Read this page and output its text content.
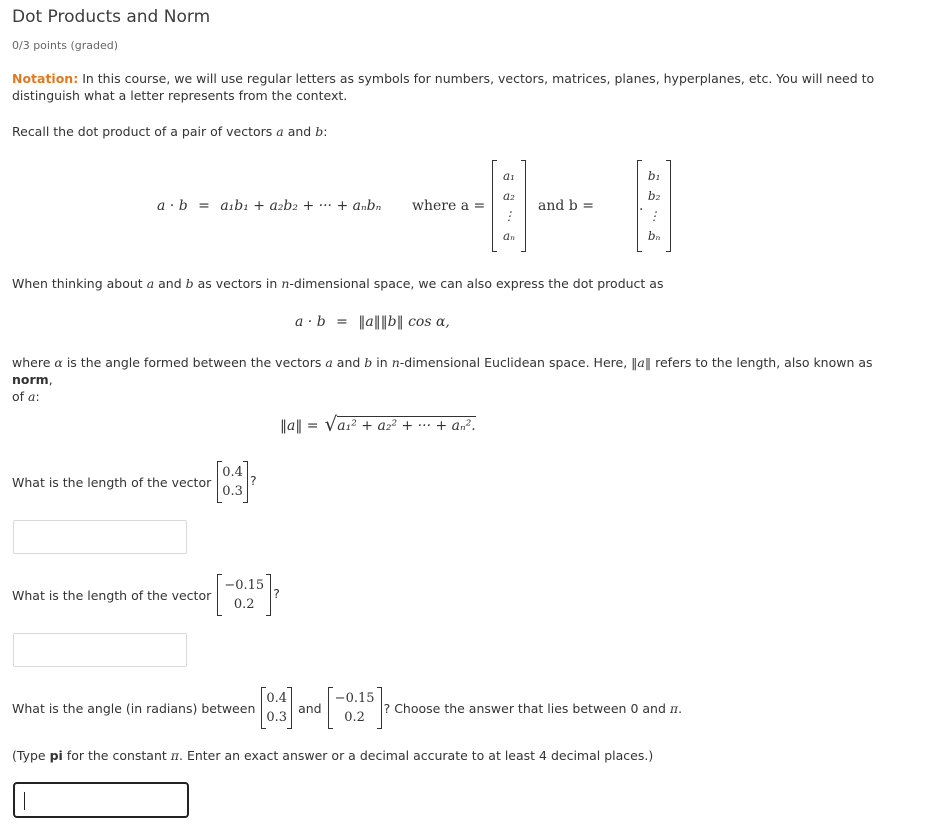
Dot Products and Norm
0/3 points (graded)
Notation: In this course, we will use regular letters as symbols for numbers, vectors, matrices, planes, hyperplanes, etc. You will need to distinguish what a letter represents from the context.
Recall the dot product of a pair of vectors a and b:
a · b = a₁b₁ + a₂b₂ + ··· + aₙbₙ where a =
a₁
a₂
⋮
aₙ

and b =
b₁
b₂
⋮
bₙ
.
When thinking about a and b as vectors in n-dimensional space, we can also express the dot product as
a · b = ‖a‖‖b‖ cos α,
where α is the angle formed between the vectors a and b in n-dimensional Euclidean space. Here, ‖a‖ refers to the length, also known as norm,
of a:
‖a‖ = √ a₁² + a₂² + ··· + aₙ².
What is the length of the vector
0.4
0.3
?
What is the length of the vector
−0.15
0.2
?
What is the angle (in radians) between
0.4
0.3
and
−0.15
0.2
? Choose the answer that lies between 0 and π .
(Type pi for the constant π. Enter an exact answer or a decimal accurate to at least 4 decimal places.)
